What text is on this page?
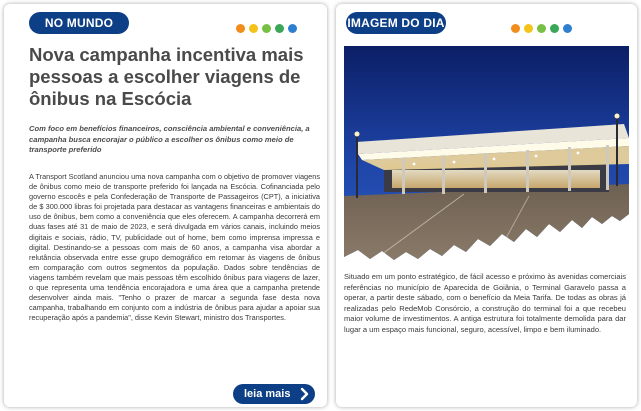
NO MUNDO
Nova campanha incentiva mais pessoas a escolher viagens de ônibus na Escócia

Com foco em benefícios financeiros, consciência ambiental e conveniência, a campanha busca encorajar o público a escolher os ônibus como meio de transporte preferido

A Transport Scotland anunciou uma nova campanha com o objetivo de promover viagens de ônibus como meio de transporte preferido foi lançada na Escócia. Cofinanciada pelo governo escocês e pela Confederação de Transporte de Passageiros (CPT), a iniciativa de $ 300.000 libras foi projetada para destacar as vantagens financeiras e ambientais do uso de ônibus, bem como a conveniência que eles oferecem. A campanha decorrerá em duas fases até 31 de maio de 2023, e será divulgada em vários canais, incluindo meios digitais e sociais, rádio, TV, publicidade out of home, bem como imprensa impressa e digital. Destinando-se a pessoas com mais de 60 anos, a campanha visa abordar a relutância observada entre esse grupo demográfico em retornar às viagens de ônibus em comparação com outros segmentos da população. Dados sobre tendências de viagens também revelam que mais pessoas têm escolhido ônibus para viagens de lazer, o que representa uma tendência encorajadora e uma área que a campanha pretende desenvolver ainda mais. "Tenho o prazer de marcar a segunda fase desta nova campanha, trabalhando em conjunto com a indústria de ônibus para ajudar a apoiar sua recuperação após a pandemia", disse Kevin Stewart, ministro dos Transportes.

leia mais
IMAGEM DO DIA

Situado em um ponto estratégico, de fácil acesso e próximo às avenidas comerciais referências no município de Aparecida de Goiânia, o Terminal Garavelo passa a operar, a partir deste sábado, com o benefício da Meia Tarifa. De todas as obras já realizadas pelo RedeMob Consórcio, a construção do terminal foi a que recebeu maior volume de investimentos. A antiga estrutura foi totalmente demolida para dar lugar a um espaço mais funcional, seguro, acessível, limpo e bem iluminado.
